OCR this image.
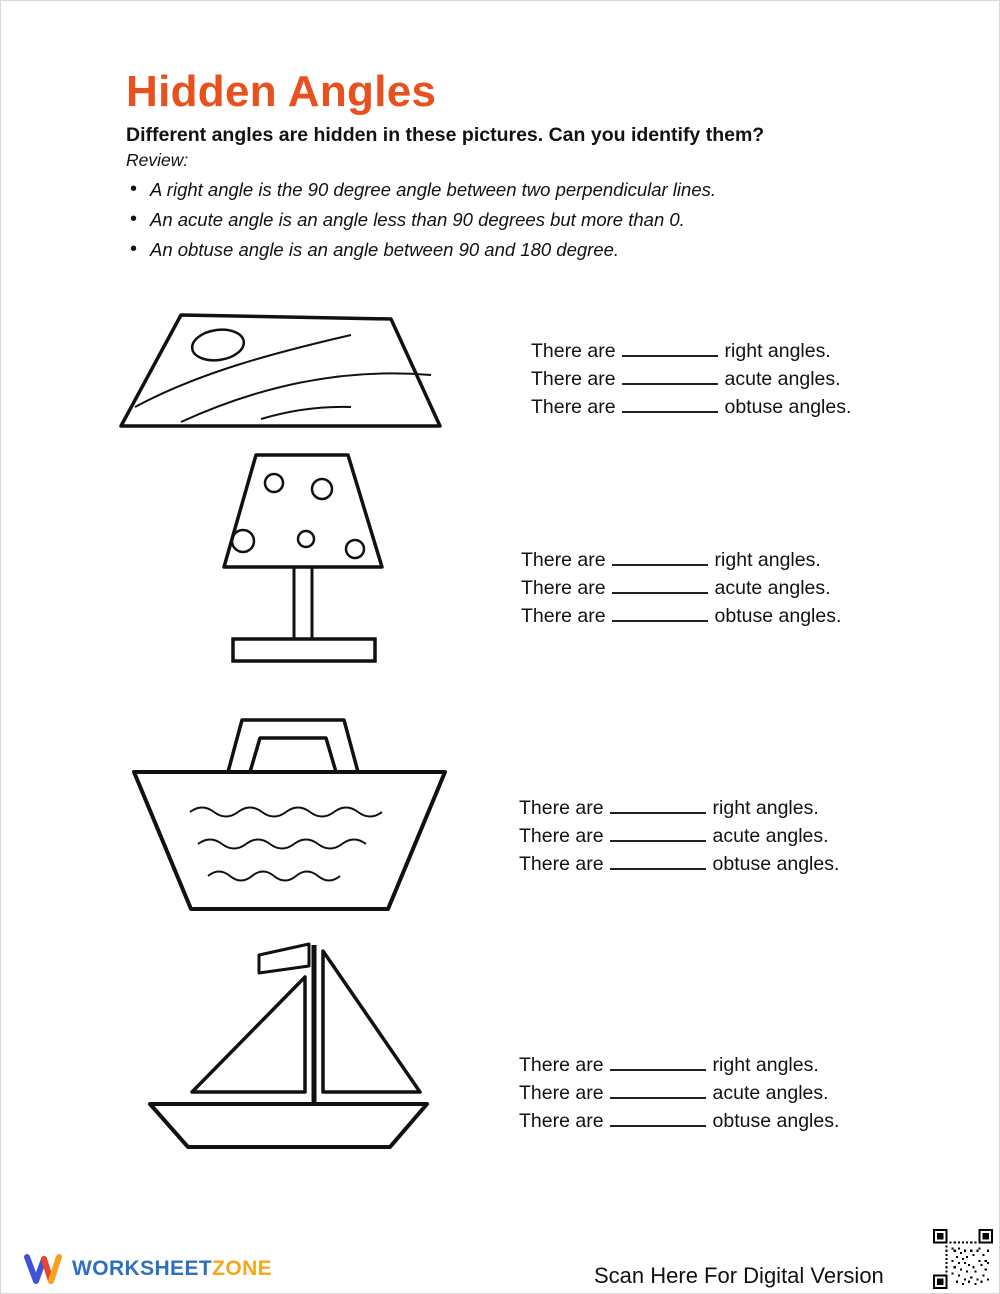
Hidden Angles

Different angles are hidden in these pictures. Can you identify them?

Review:

• A right angle is the 90 degree angle between two perpendicular lines.
• An acute angle is an angle less than 90 degrees but more than 0.
• An obtuse angle is an angle between 90 and 180 degree.
There are	right angles.
There are	acute angles.
There are	obtuse angles.
There are	right angles.
There are	acute angles.
There are	obtuse angles.
There are	right angles.
There are	acute angles.
There are	obtuse angles.
There are	right angles.
There are	acute angles.
There are	obtuse angles.
WORKSHEETZONE	Scan Here For Digital Version
